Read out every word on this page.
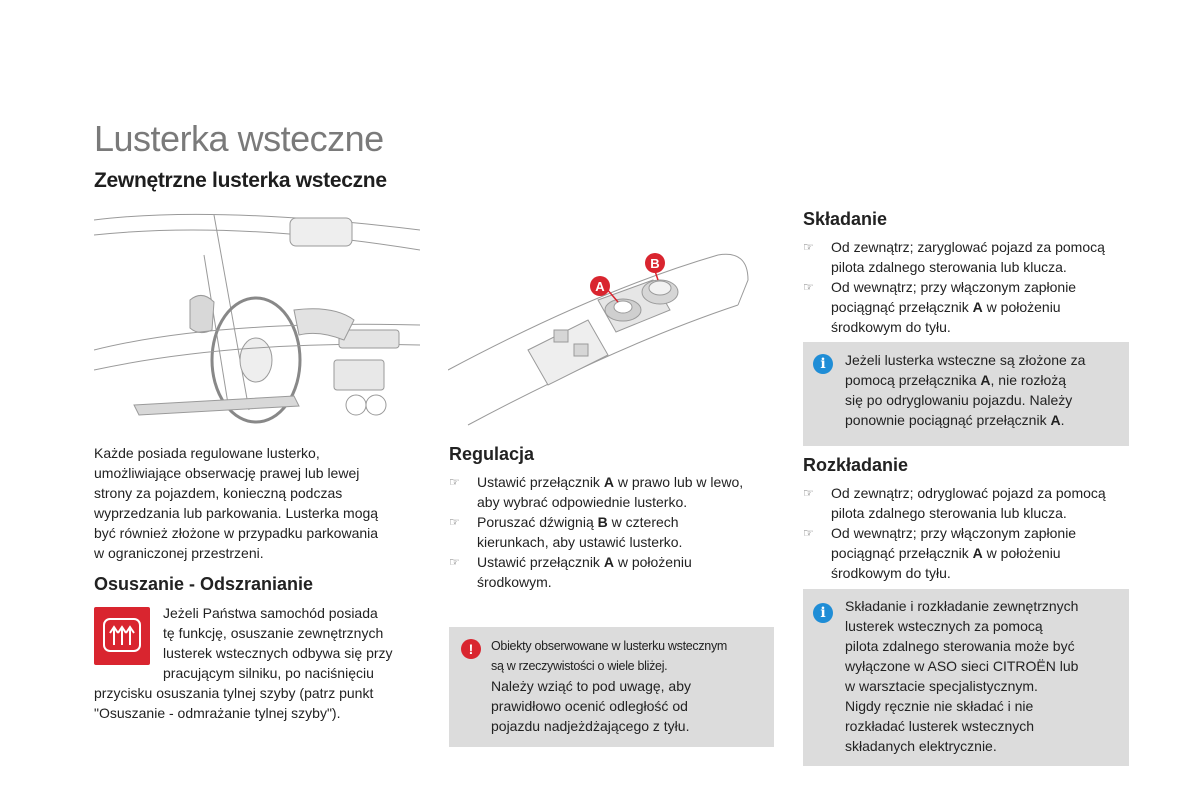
Lusterka wsteczne
Zewnętrzne lusterka wsteczne
A
B
Każde posiada regulowane lusterko,
umożliwiające obserwację prawej lub lewej
strony za pojazdem, konieczną podczas
wyprzedzania lub parkowania. Lusterka mogą
być również złożone w przypadku parkowania
w ograniczonej przestrzeni.
Osuszanie - Odszranianie
Jeżeli Państwa samochód posiada
tę funkcję, osuszanie zewnętrznych
lusterek wstecznych odbywa się przy
pracującym silniku, po naciśnięciu
przycisku osuszania tylnej szyby (patrz punkt
"Osuszanie - odmrażanie tylnej szyby").
Regulacja
☞ Ustawić przełącznik A w prawo lub w lewo,
aby wybrać odpowiednie lusterko.
☞ Poruszać dźwignią B w czterech
kierunkach, aby ustawić lusterko.
☞ Ustawić przełącznik A w położeniu
środkowym.
!	Obiekty obserwowane w lusterku wstecznym
są w rzeczywistości o wiele bliżej.
Należy wziąć to pod uwagę, aby
prawidłowo ocenić odległość od
pojazdu nadjeżdżającego z tyłu.
Składanie
☞ Od zewnątrz; zaryglować pojazd za pomocą
pilota zdalnego sterowania lub klucza.
☞ Od wewnątrz; przy włączonym zapłonie
pociągnąć przełącznik A w położeniu
środkowym do tyłu.
i	Jeżeli lusterka wsteczne są złożone za
pomocą przełącznika A, nie rozłożą
się po odryglowaniu pojazdu. Należy
ponownie pociągnąć przełącznik A.
Rozkładanie
☞ Od zewnątrz; odryglować pojazd za pomocą
pilota zdalnego sterowania lub klucza.
☞ Od wewnątrz; przy włączonym zapłonie
pociągnąć przełącznik A w położeniu
środkowym do tyłu.
i	Składanie i rozkładanie zewnętrznych
lusterek wstecznych za pomocą
pilota zdalnego sterowania może być
wyłączone w ASO sieci CITROËN lub
w warsztacie specjalistycznym.
Nigdy ręcznie nie składać i nie
rozkładać lusterek wstecznych
składanych elektrycznie.
